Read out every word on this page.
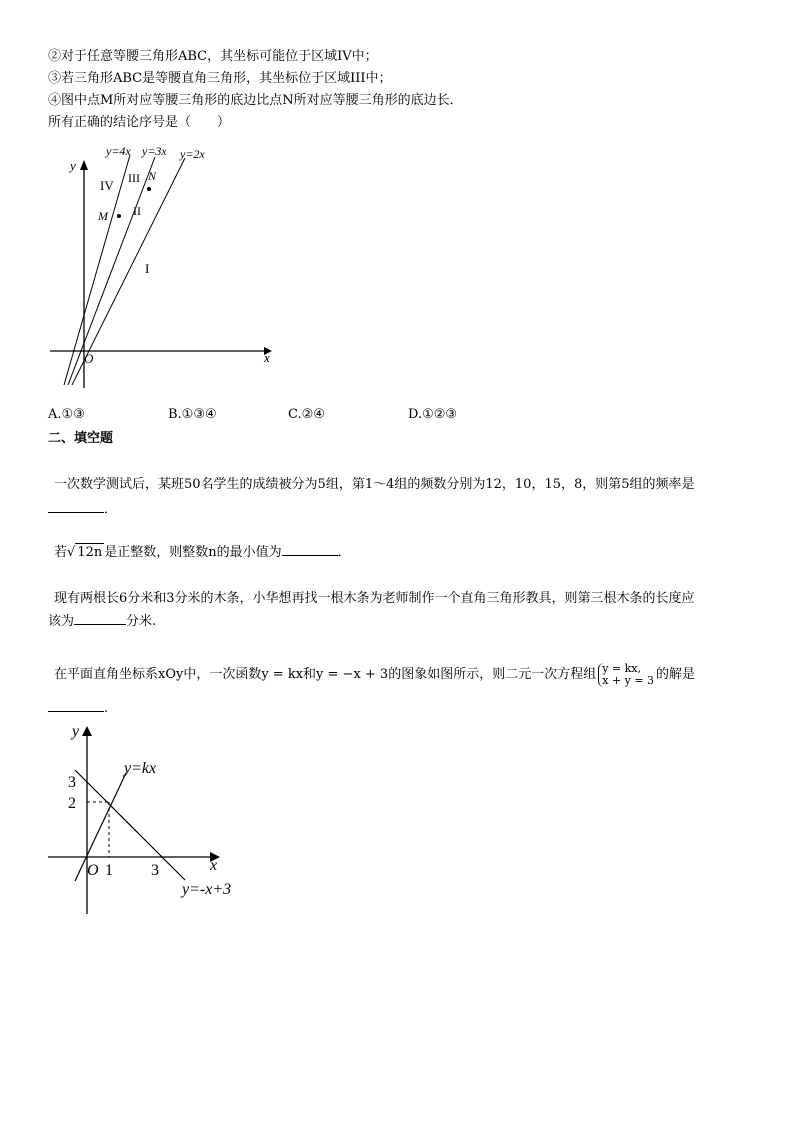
②对于任意等腰三角形ABC，其坐标可能位于区域IV中；
③若三角形ABC是等腰直角三角形，其坐标位于区域III中；
④图中点M所对应等腰三角形的底边比点N所对应等腰三角形的底边长．
所有正确的结论序号是（　　）
y=4x y=3x y=2x
IV III
II
I
M
N
y
x
O
A.①③	B.①③④	C.②④	D.①②③
二、填空题
一次数学测试后，某班50名学生的成绩被分为5组，第1～4组的频数分别为12，10，15，8，则第5组的频率是
．
若√ 12n 是正整数，则整数n的最小值为	．
现有两根长6分米和3分米的木条，小华想再找一根木条为老师制作一个直角三角形教具，则第三根木条的长度应
该为	分米.
在平面直角坐标系xOy中，一次函数y = kx和y = −x + 3的图象如图所示，则二元一次方程组 y = kx,
x + y = 3 的解是
.
y=kx
y=-x+3
3
2
1 3
O
y
x
